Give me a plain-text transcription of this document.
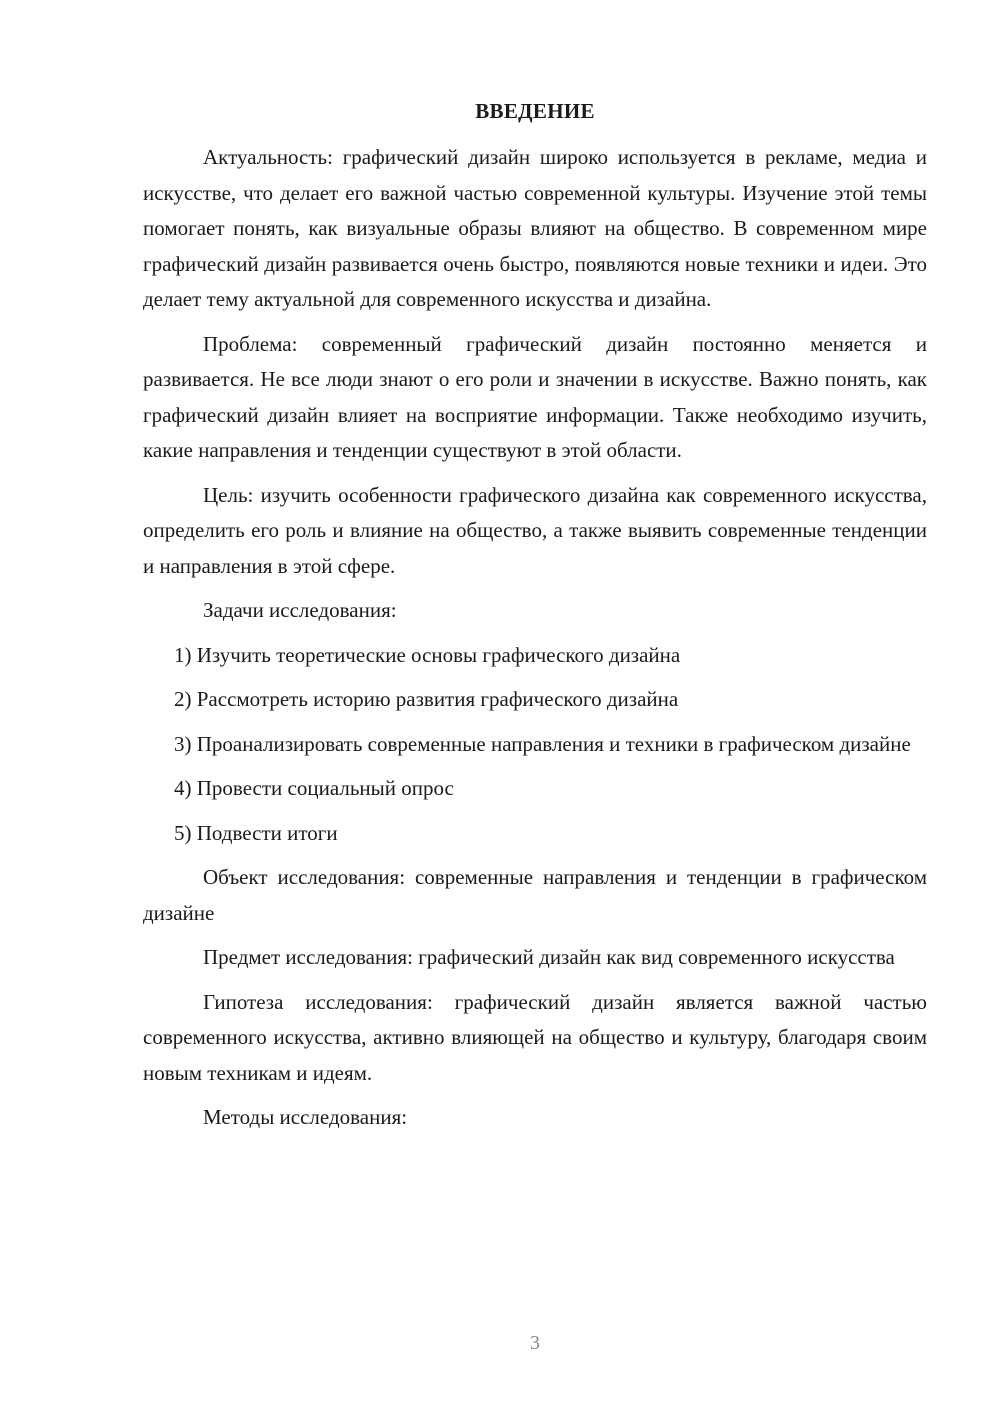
ВВЕДЕНИЕ

Актуальность: графический дизайн широко используется в рекламе, медиа и искусстве, что делает его важной частью современной культуры. Изучение этой темы помогает понять, как визуальные образы влияют на общество. В современном мире графический дизайн развивается очень быстро, появляются новые техники и идеи. Это делает тему актуальной для современного искусства и дизайна.

Проблема: современный графический дизайн постоянно меняется и развивается. Не все люди знают о его роли и значении в искусстве. Важно понять, как графический дизайн влияет на восприятие информации. Также необходимо изучить, какие направления и тенденции существуют в этой области.

Цель: изучить особенности графического дизайна как современного искусства, определить его роль и влияние на общество, а также выявить современные тенденции и направления в этой сфере.

Задачи исследования:

1) Изучить теоретические основы графического дизайна

2) Рассмотреть историю развития графического дизайна

3) Проанализировать современные направления и техники в графическом дизайне

4) Провести социальный опрос

5) Подвести итоги

Объект исследования: современные направления и тенденции в графическом дизайне

Предмет исследования: графический дизайн как вид современного искусства

Гипотеза исследования: графический дизайн является важной частью современного искусства, активно влияющей на общество и культуру, благодаря своим новым техникам и идеям.

Методы исследования:

3
